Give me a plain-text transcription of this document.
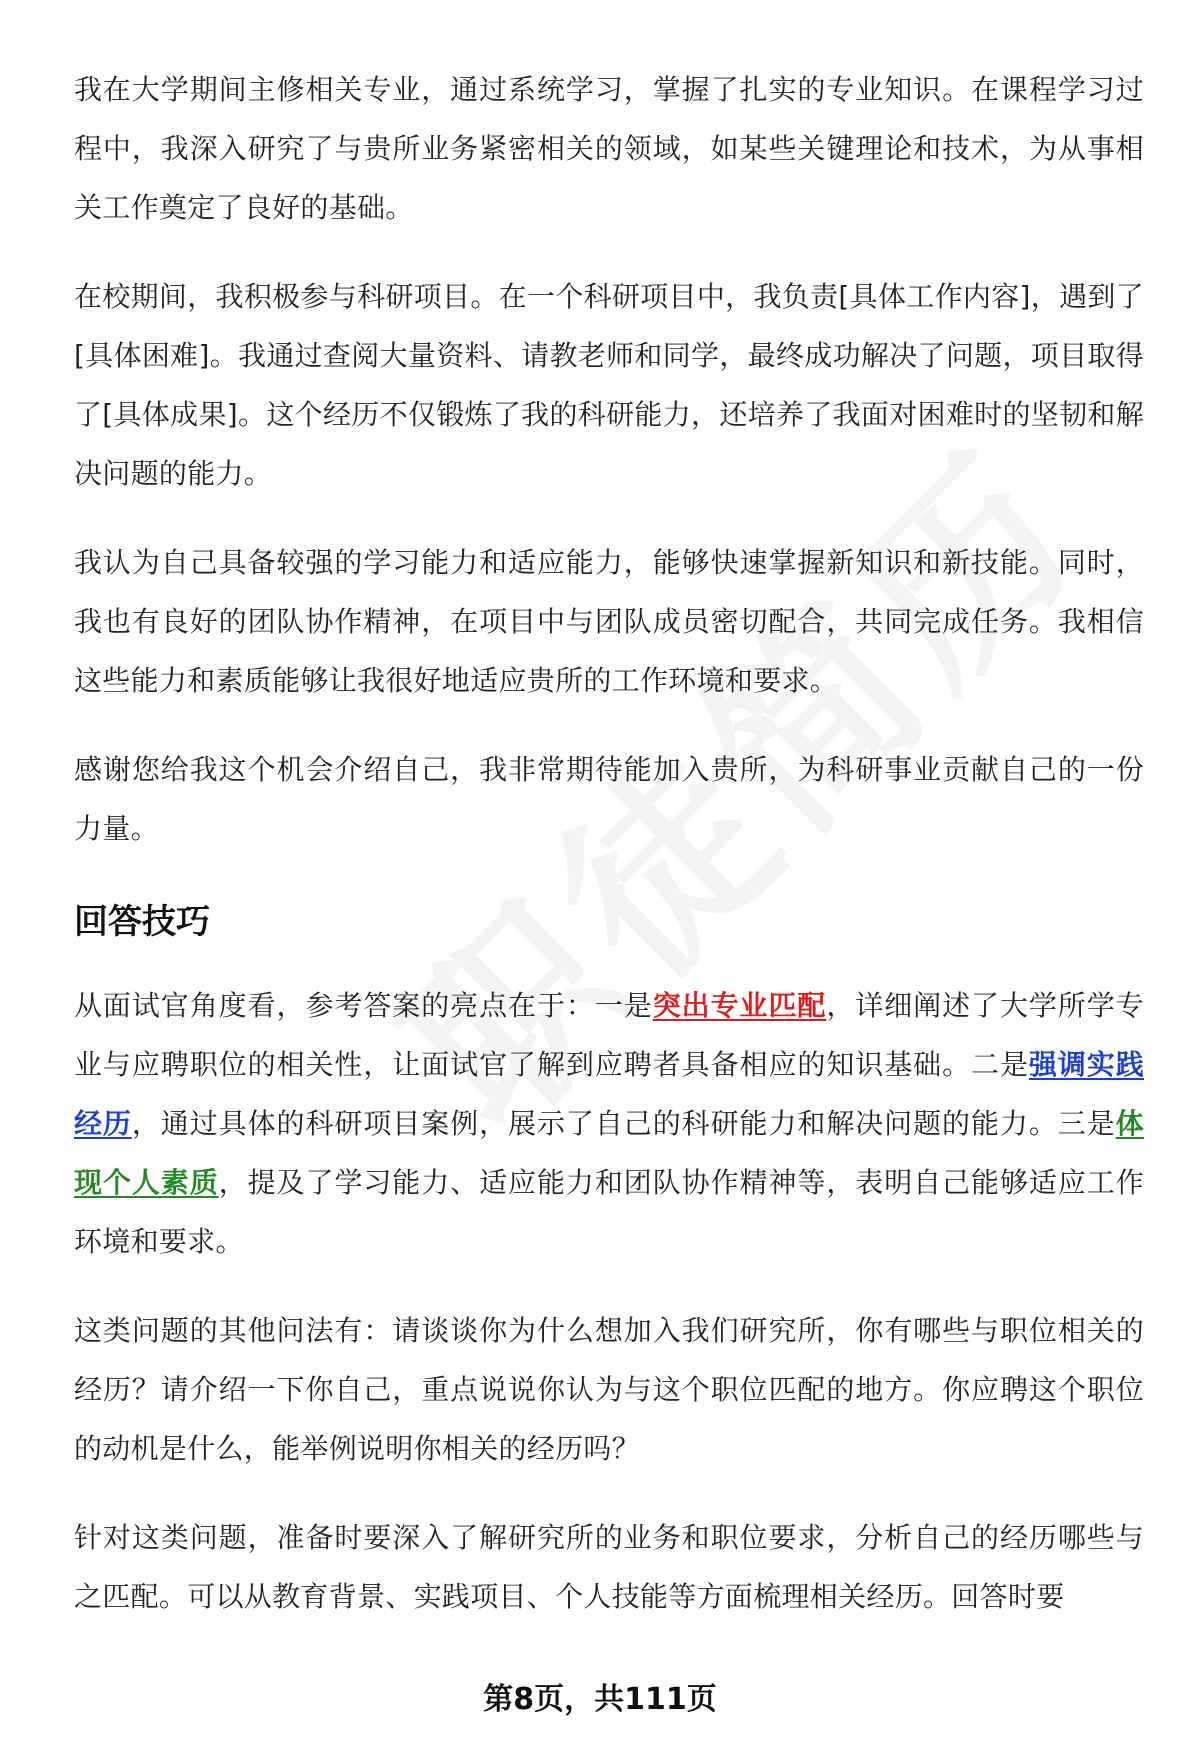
我在大学期间主修相关专业，通过系统学习，掌握了扎实的专业知识。在课程学习过程中，我深入研究了与贵所业务紧密相关的领域，如某些关键理论和技术，为从事相关工作奠定了良好的基础。

在校期间，我积极参与科研项目。在一个科研项目中，我负责[具体工作内容]，遇到了[具体困难]。我通过查阅大量资料、请教老师和同学，最终成功解决了问题，项目取得了[具体成果]。这个经历不仅锻炼了我的科研能力，还培养了我面对困难时的坚韧和解决问题的能力。

我认为自己具备较强的学习能力和适应能力，能够快速掌握新知识和新技能。同时，我也有良好的团队协作精神，在项目中与团队成员密切配合，共同完成任务。我相信这些能力和素质能够让我很好地适应贵所的工作环境和要求。

感谢您给我这个机会介绍自己，我非常期待能加入贵所，为科研事业贡献自己的一份力量。

回答技巧

从面试官角度看，参考答案的亮点在于：一是突出专业匹配，详细阐述了大学所学专业与应聘职位的相关性，让面试官了解到应聘者具备相应的知识基础。二是强调实践经历，通过具体的科研项目案例，展示了自己的科研能力和解决问题的能力。三是体现个人素质，提及了学习能力、适应能力和团队协作精神等，表明自己能够适应工作环境和要求。

这类问题的其他问法有：请谈谈你为什么想加入我们研究所，你有哪些与职位相关的经历？请介绍一下你自己，重点说说你认为与这个职位匹配的地方。你应聘这个职位的动机是什么，能举例说明你相关的经历吗？

针对这类问题，准备时要深入了解研究所的业务和职位要求，分析自己的经历哪些与之匹配。可以从教育背景、实践项目、个人技能等方面梳理相关经历。回答时要

第8页，共111页
